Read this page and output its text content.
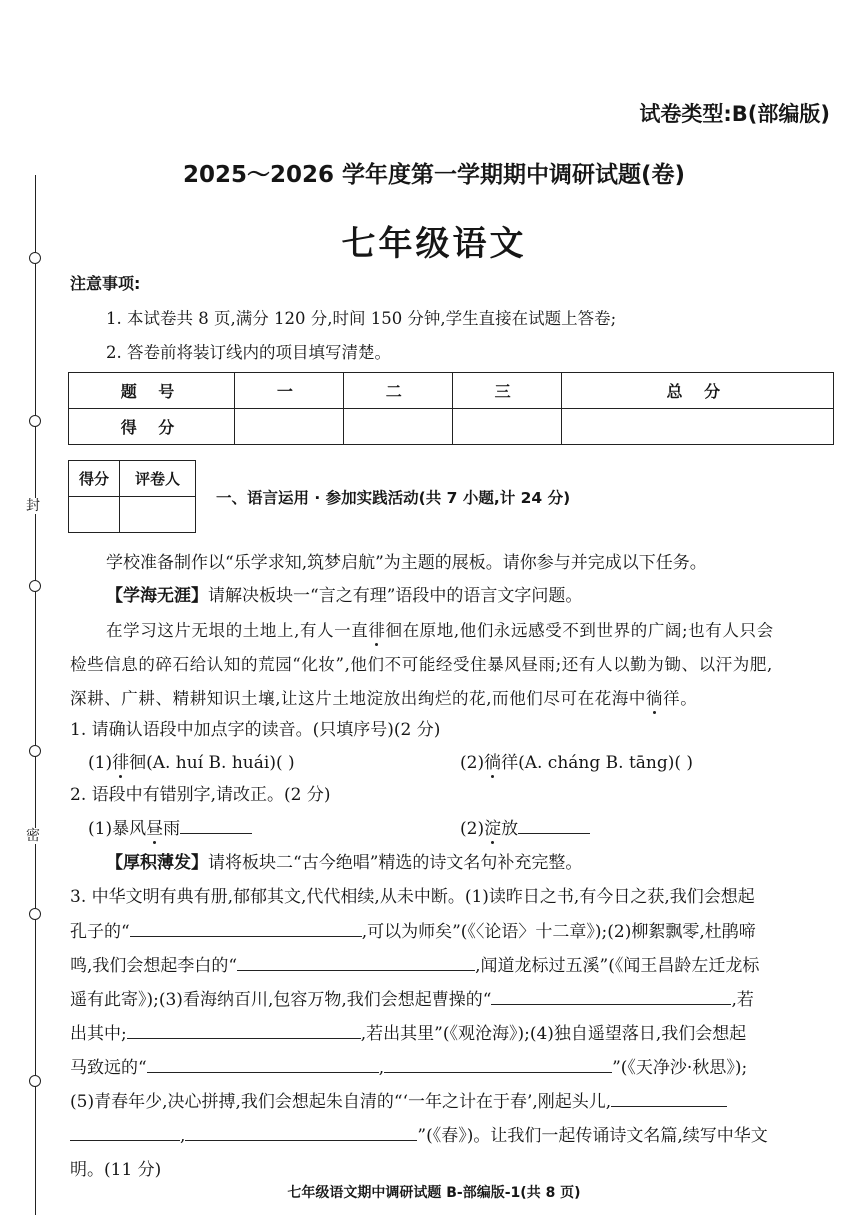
封
密
试卷类型:B(部编版)
2025～2026 学年度第一学期期中调研试题(卷)
七年级语文
注意事项:
1. 本试卷共 8 页,满分 120 分,时间 150 分钟,学生直接在试题上答卷;
2. 答卷前将装订线内的项目填写清楚。
题 号	一	二	三	总 分
得 分				
得分	评卷人

一、语言运用 · 参加实践活动(共 7 小题,计 24 分)
学校准备制作以“乐学求知,筑梦启航”为主题的展板。请你参与并完成以下任务。
【学海无涯】请解决板块一“言之有理”语段中的语言文字问题。
在学习这片无垠的土地上,有人一直徘徊在原地,他们永远感受不到世界的广阔;也有人只会
检些信息的碎石给认知的荒园“化妆”,他们不可能经受住暴风昼雨;还有人以勤为锄、以汗为肥,
深耕、广耕、精耕知识土壤,让这片土地淀放出绚烂的花,而他们尽可在花海中徜徉。
1. 请确认语段中加点字的读音。(只填序号)(2 分)
(1)徘徊(A. huí B. huái)( )	(2)徜徉(A. cháng B. tāng)( )
2. 语段中有错别字,请改正。(2 分)
(1)暴风昼雨	(2)淀放
【厚积薄发】请将板块二“古今绝唱”精选的诗文名句补充完整。
3. 中华文明有典有册,郁郁其文,代代相续,从未中断。(1)读昨日之书,有今日之获,我们会想起
孔子的“	,可以为师矣”(《〈论语〉十二章》);(2)柳絮飘零,杜鹃啼
鸣,我们会想起李白的“	,闻道龙标过五溪”(《闻王昌龄左迁龙标
遥有此寄》);(3)看海纳百川,包容万物,我们会想起曹操的“	,若
出其中;	,若出其里”(《观沧海》);(4)独自遥望落日,我们会想起
马致远的“	,	”(《天净沙·秋思》);
(5)青春年少,决心拼搏,我们会想起朱自清的“‘一年之计在于春’,刚起头儿,
,	”(《春》)。让我们一起传诵诗文名篇,续写中华文
明。(11 分)
七年级语文期中调研试题 B-部编版-1(共 8 页)
